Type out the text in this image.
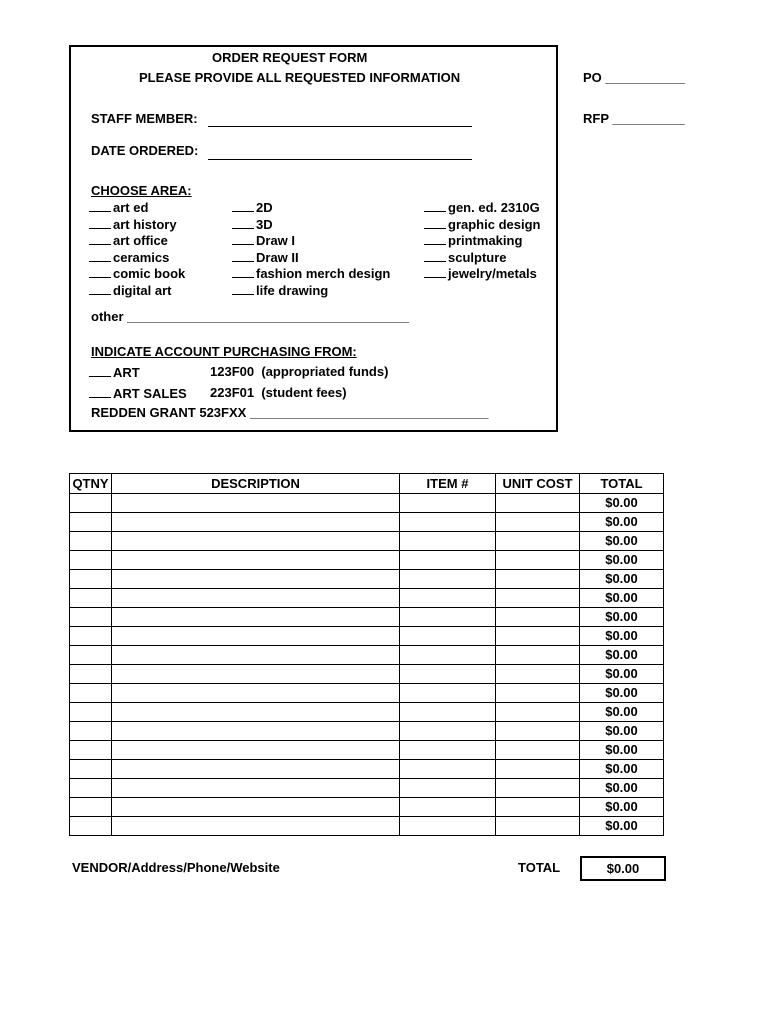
ORDER REQUEST FORM
PLEASE PROVIDE ALL REQUESTED INFORMATION	PO ___________
RFP __________
STAFF MEMBER:
DATE ORDERED:
CHOOSE AREA:
art ed
art history
art office
ceramics
comic book
digital art
2D
3D
Draw I
Draw II
fashion merch design
life drawing
gen. ed. 2310G
graphic design
printmaking
sculpture
jewelry/metals
other _______________________________________
INDICATE ACCOUNT PURCHASING FROM:
ART	123F00 (appropriated funds)
ART SALES 223F01 (student fees)
REDDEN GRANT 523FXX _________________________________
QTNY	DESCRIPTION	ITEM #	UNIT COST	TOTAL
				$0.00
				$0.00
				$0.00
				$0.00
				$0.00
				$0.00
				$0.00
				$0.00
				$0.00
				$0.00
				$0.00
				$0.00
				$0.00
				$0.00
				$0.00
				$0.00
				$0.00
				$0.00
VENDOR/Address/Phone/Website	TOTAL	$0.00
